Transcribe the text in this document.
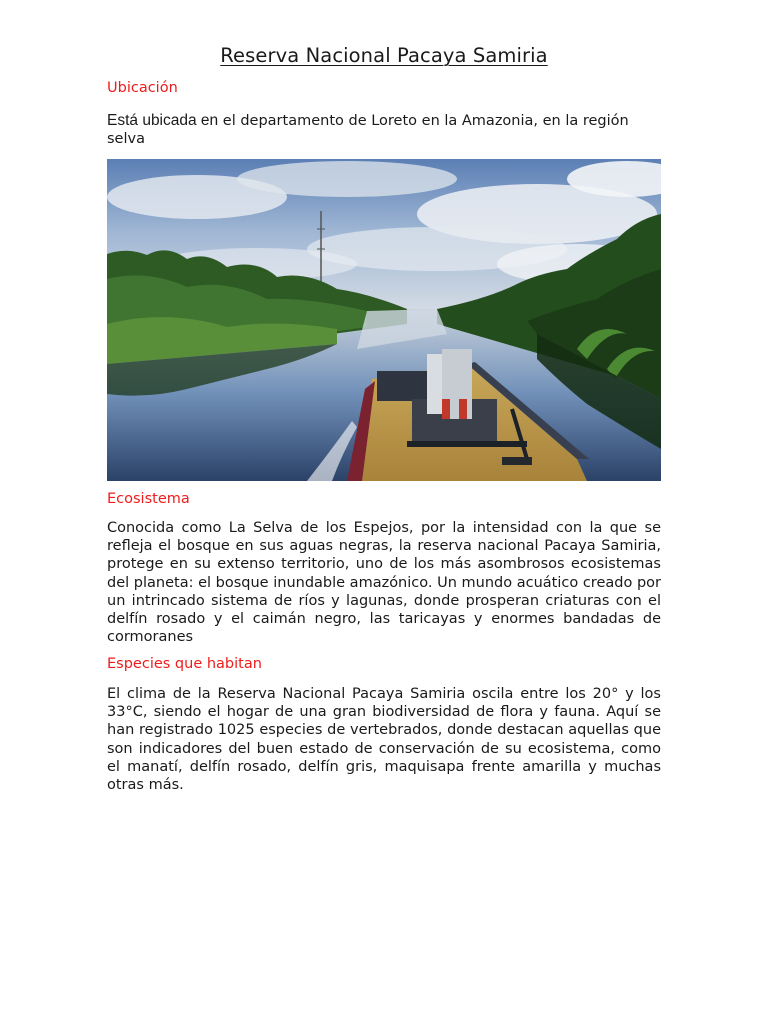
Reserva Nacional Pacaya Samiria
Ubicación

Está ubicada en el departamento de Loreto en la Amazonia, en la región selva

Ecosistema

Conocida como La Selva de los Espejos, por la intensidad con la que se refleja el bosque en sus aguas negras, la reserva nacional Pacaya Samiria, protege en su extenso territorio, uno de los más asombrosos ecosistemas del planeta: el bosque inundable amazónico. Un mundo acuático creado por un intrincado sistema de ríos y lagunas, donde prosperan criaturas con el delfín rosado y el caimán negro, las taricayas y enormes bandadas de cormoranes

Especies que habitan

El clima de la Reserva Nacional Pacaya Samiria oscila entre los 20° y los 33°C, siendo el hogar de una gran biodiversidad de flora y fauna. Aquí se han registrado 1025 especies de vertebrados, donde destacan aquellas que son indicadores del buen estado de conservación de su ecosistema, como el manatí, delfín rosado, delfín gris, maquisapa frente amarilla y muchas otras más.
